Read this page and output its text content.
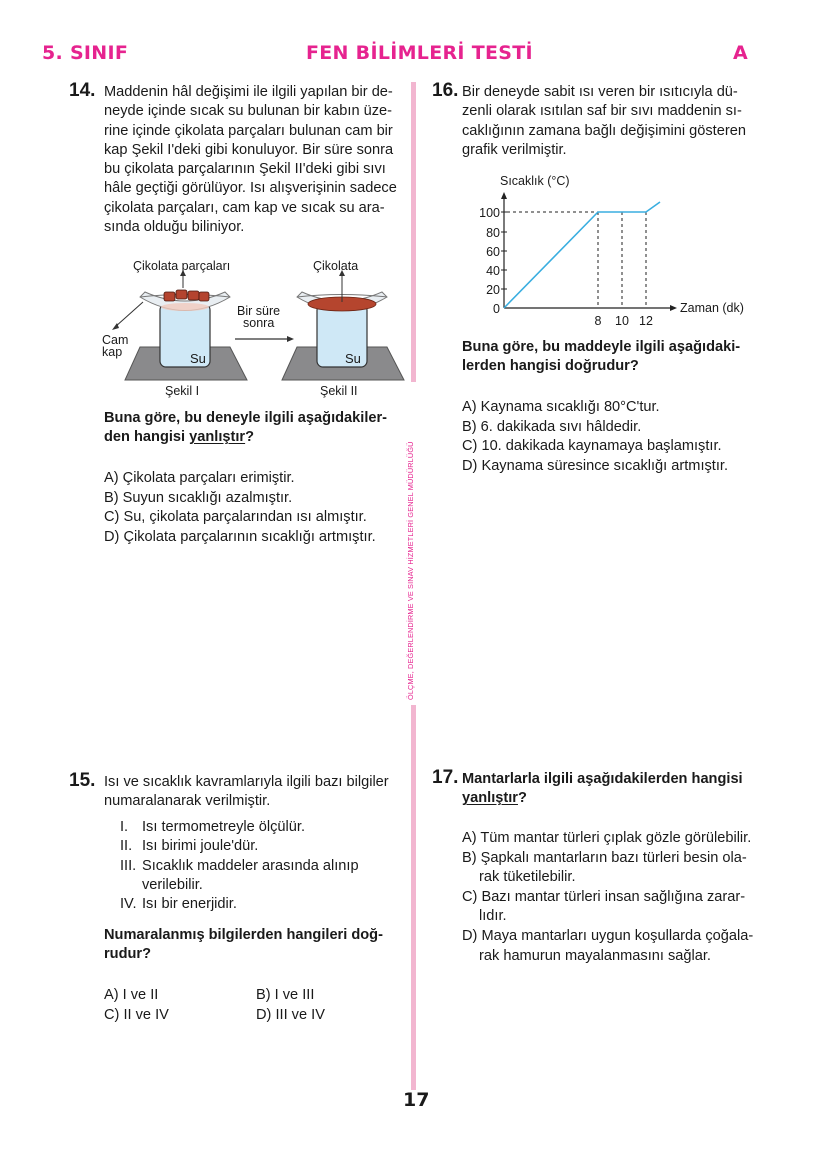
5. SINIF	FEN BİLİMLERİ TESTİ	A
ÖLÇME, DEĞERLENDİRME VE SINAV HİZMETLERİ GENEL MÜDÜRLÜĞÜ
14. Maddenin hâl değişimi ile ilgili yapılan bir de-

neyde içinde sıcak su bulunan bir kabın üze-

rine içinde çikolata parçaları bulunan cam bir

kap Şekil I'deki gibi konuluyor. Bir süre sonra

bu çikolata parçalarının Şekil II'deki gibi sıvı

hâle geçtiği görülüyor. Isı alışverişinin sadece

çikolata parçaları, cam kap ve sıcak su ara-

sında olduğu biliniyor.

Çikolata parçaları
Cam
kap	Su
Şekil I
Bir süre
sonra
Çikolata
Su
Şekil II

Buna göre, bu deneyle ilgili aşağıdakiler-

den hangisi yanlıştır?

A) Çikolata parçaları erimiştir.

B) Suyun sıcaklığı azalmıştır.

C) Su, çikolata parçalarından ısı almıştır.

D) Çikolata parçalarının sıcaklığı artmıştır.

16. Bir deneyde sabit ısı veren bir ısıtıcıyla dü-

zenli olarak ısıtılan saf bir sıvı maddenin sı-

caklığının zamana bağlı değişimini gösteren

grafik verilmiştir.

Sıcaklık (°C)
Zaman (dk)
0
20
40
60
80
100
8 10 12

Buna göre, bu maddeyle ilgili aşağıdaki-

lerden hangisi doğrudur?

A) Kaynama sıcaklığı 80°C'tur.

B) 6. dakikada sıvı hâldedir.

C) 10. dakikada kaynamaya başlamıştır.

D) Kaynama süresince sıcaklığı artmıştır.

15. Isı ve sıcaklık kavramlarıyla ilgili bazı bilgiler

numaralanarak verilmiştir.

I. Isı termometreyle ölçülür.
II. Isı birimi joule'dür.
III. Sıcaklık maddeler arasında alınıp
verilebilir.
IV. Isı bir enerjidir.

Numaralanmış bilgilerden hangileri doğ-

rudur?

A) I ve II	B) I ve III
C) II ve IV	D) III ve IV
17. Mantarlarla ilgili aşağıdakilerden hangisi

yanlıştır?

A) Tüm mantar türleri çıplak gözle görülebilir.
B) Şapkalı mantarların bazı türleri besin ola-
rak tüketilebilir.
C) Bazı mantar türleri insan sağlığına zarar-
lıdır.
D) Maya mantarları uygun koşullarda çoğala-
rak hamurun mayalanmasını sağlar.
17
